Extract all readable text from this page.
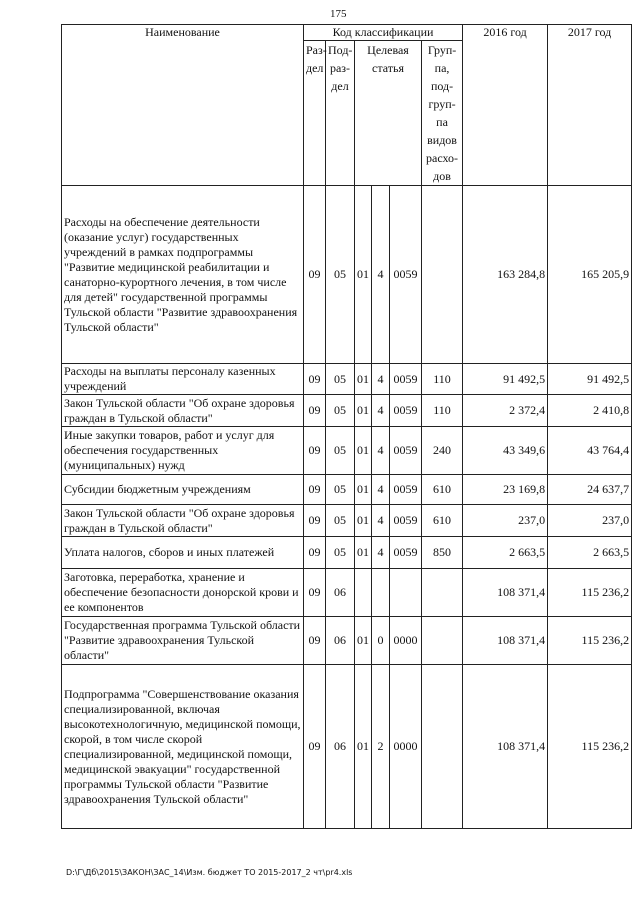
175
Наименование	Код классификации						2016 год	2017 год
	Раз-дел	Под-раз-дел	Целевая статья			Груп-па, под-груп-па видов расхо-дов		
Расходы на обеспечение деятельности (оказание услуг) государственных учреждений в рамках подпрограммы "Развитие медицинской реабилитации и санаторно-курортного лечения, в том числе для детей" государственной программы Тульской области "Развитие здравоохранения Тульской области"	09	05	01	4	0059		163 284,8	165 205,9
Расходы на выплаты персоналу казенных учреждений	09	05	01	4	0059	110	91 492,5	91 492,5
Закон Тульской области "Об охране здоровья граждан в Тульской области"	09	05	01	4	0059	110	2 372,4	2 410,8
Иные закупки товаров, работ и услуг для обеспечения государственных (муниципальных) нужд	09	05	01	4	0059	240	43 349,6	43 764,4
Субсидии бюджетным учреждениям	09	05	01	4	0059	610	23 169,8	24 637,7
Закон Тульской области "Об охране здоровья граждан в Тульской области"	09	05	01	4	0059	610	237,0	237,0
Уплата налогов, сборов и иных платежей	09	05	01	4	0059	850	2 663,5	2 663,5
Заготовка, переработка, хранение и обеспечение безопасности донорской крови и ее компонентов	09	06					108 371,4	115 236,2
Государственная программа Тульской области "Развитие здравоохранения Тульской области"	09	06	01	0	0000		108 371,4	115 236,2
Подпрограмма "Совершенствование оказания специализированной, включая высокотехнологичную, медицинской помощи, скорой, в том числе скорой специализированной, медицинской помощи, медицинской эвакуации" государственной программы Тульской области "Развитие здравоохранения Тульской области"	09	06	01	2	0000		108 371,4	115 236,2
D:\Г\Дб\2015\ЗАКОН\ЗАС_14\Изм. бюджет ТО 2015-2017_2 чт\pr4.xls
